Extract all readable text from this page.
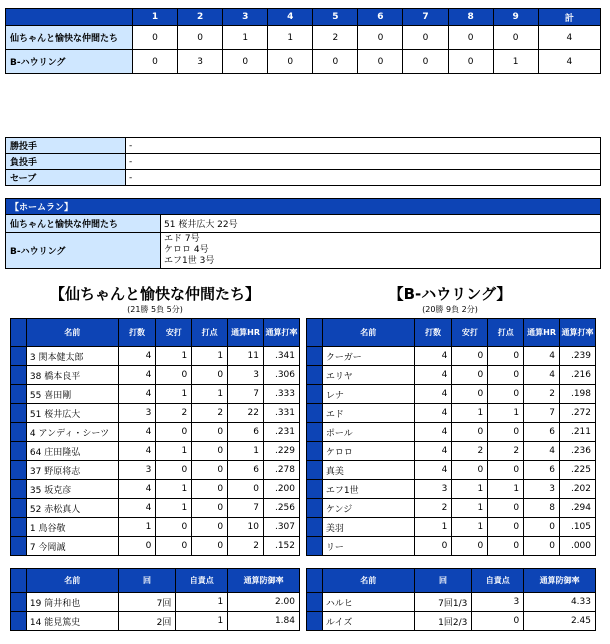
	1	2	3	4	5	6	7	8	9	計
仙ちゃんと愉快な仲間たち	0	0	1	1	2	0	0	0	0	4
B-ハウリング	0	3	0	0	0	0	0	0	1	4
勝投手	-
負投手	-
セーブ	-
【ホームラン】	
仙ちゃんと愉快な仲間たち	51 桜井広大 22号
B-ハウリング	エド 7号
ケロロ 4号
エフ1世 3号
【仙ちゃんと愉快な仲間たち】
(21勝 5負 5分)
【B-ハウリング】
(20勝 9負 2分)
	名前	打数	安打	打点	通算HR	通算打率
	3 関本健太郎	4	1	1	11	.341
	38 橋本良平	4	0	0	3	.306
	55 喜田剛	4	1	1	7	.333
	51 桜井広大	3	2	2	22	.331
	4 アンディ・シーツ	4	0	0	6	.231
	64 庄田隆弘	4	1	0	1	.229
	37 野原将志	3	0	0	6	.278
	35 坂克彦	4	1	0	0	.200
	52 赤松真人	4	1	0	7	.256
	1 鳥谷敬	1	0	0	10	.307
	7 今岡誠	0	0	0	2	.152
	名前	打数	安打	打点	通算HR	通算打率
	クーガー	4	0	0	4	.239
	エリヤ	4	0	0	4	.216
	レナ	4	0	0	2	.198
	エド	4	1	1	7	.272
	ポール	4	0	0	6	.211
	ケロロ	4	2	2	4	.236
	真美	4	0	0	6	.225
	エフ1世	3	1	1	3	.202
	ケンジ	2	1	0	8	.294
	美羽	1	1	0	0	.105
	リー	0	0	0	0	.000
	名前	回	自責点	通算防御率
	19 筒井和也	7回	1	2.00
	14 能見篤史	2回	1	1.84
	名前	回	自責点	通算防御率
	ハルヒ	7回1/3	3	4.33
	ルイズ	1回2/3	0	2.45
